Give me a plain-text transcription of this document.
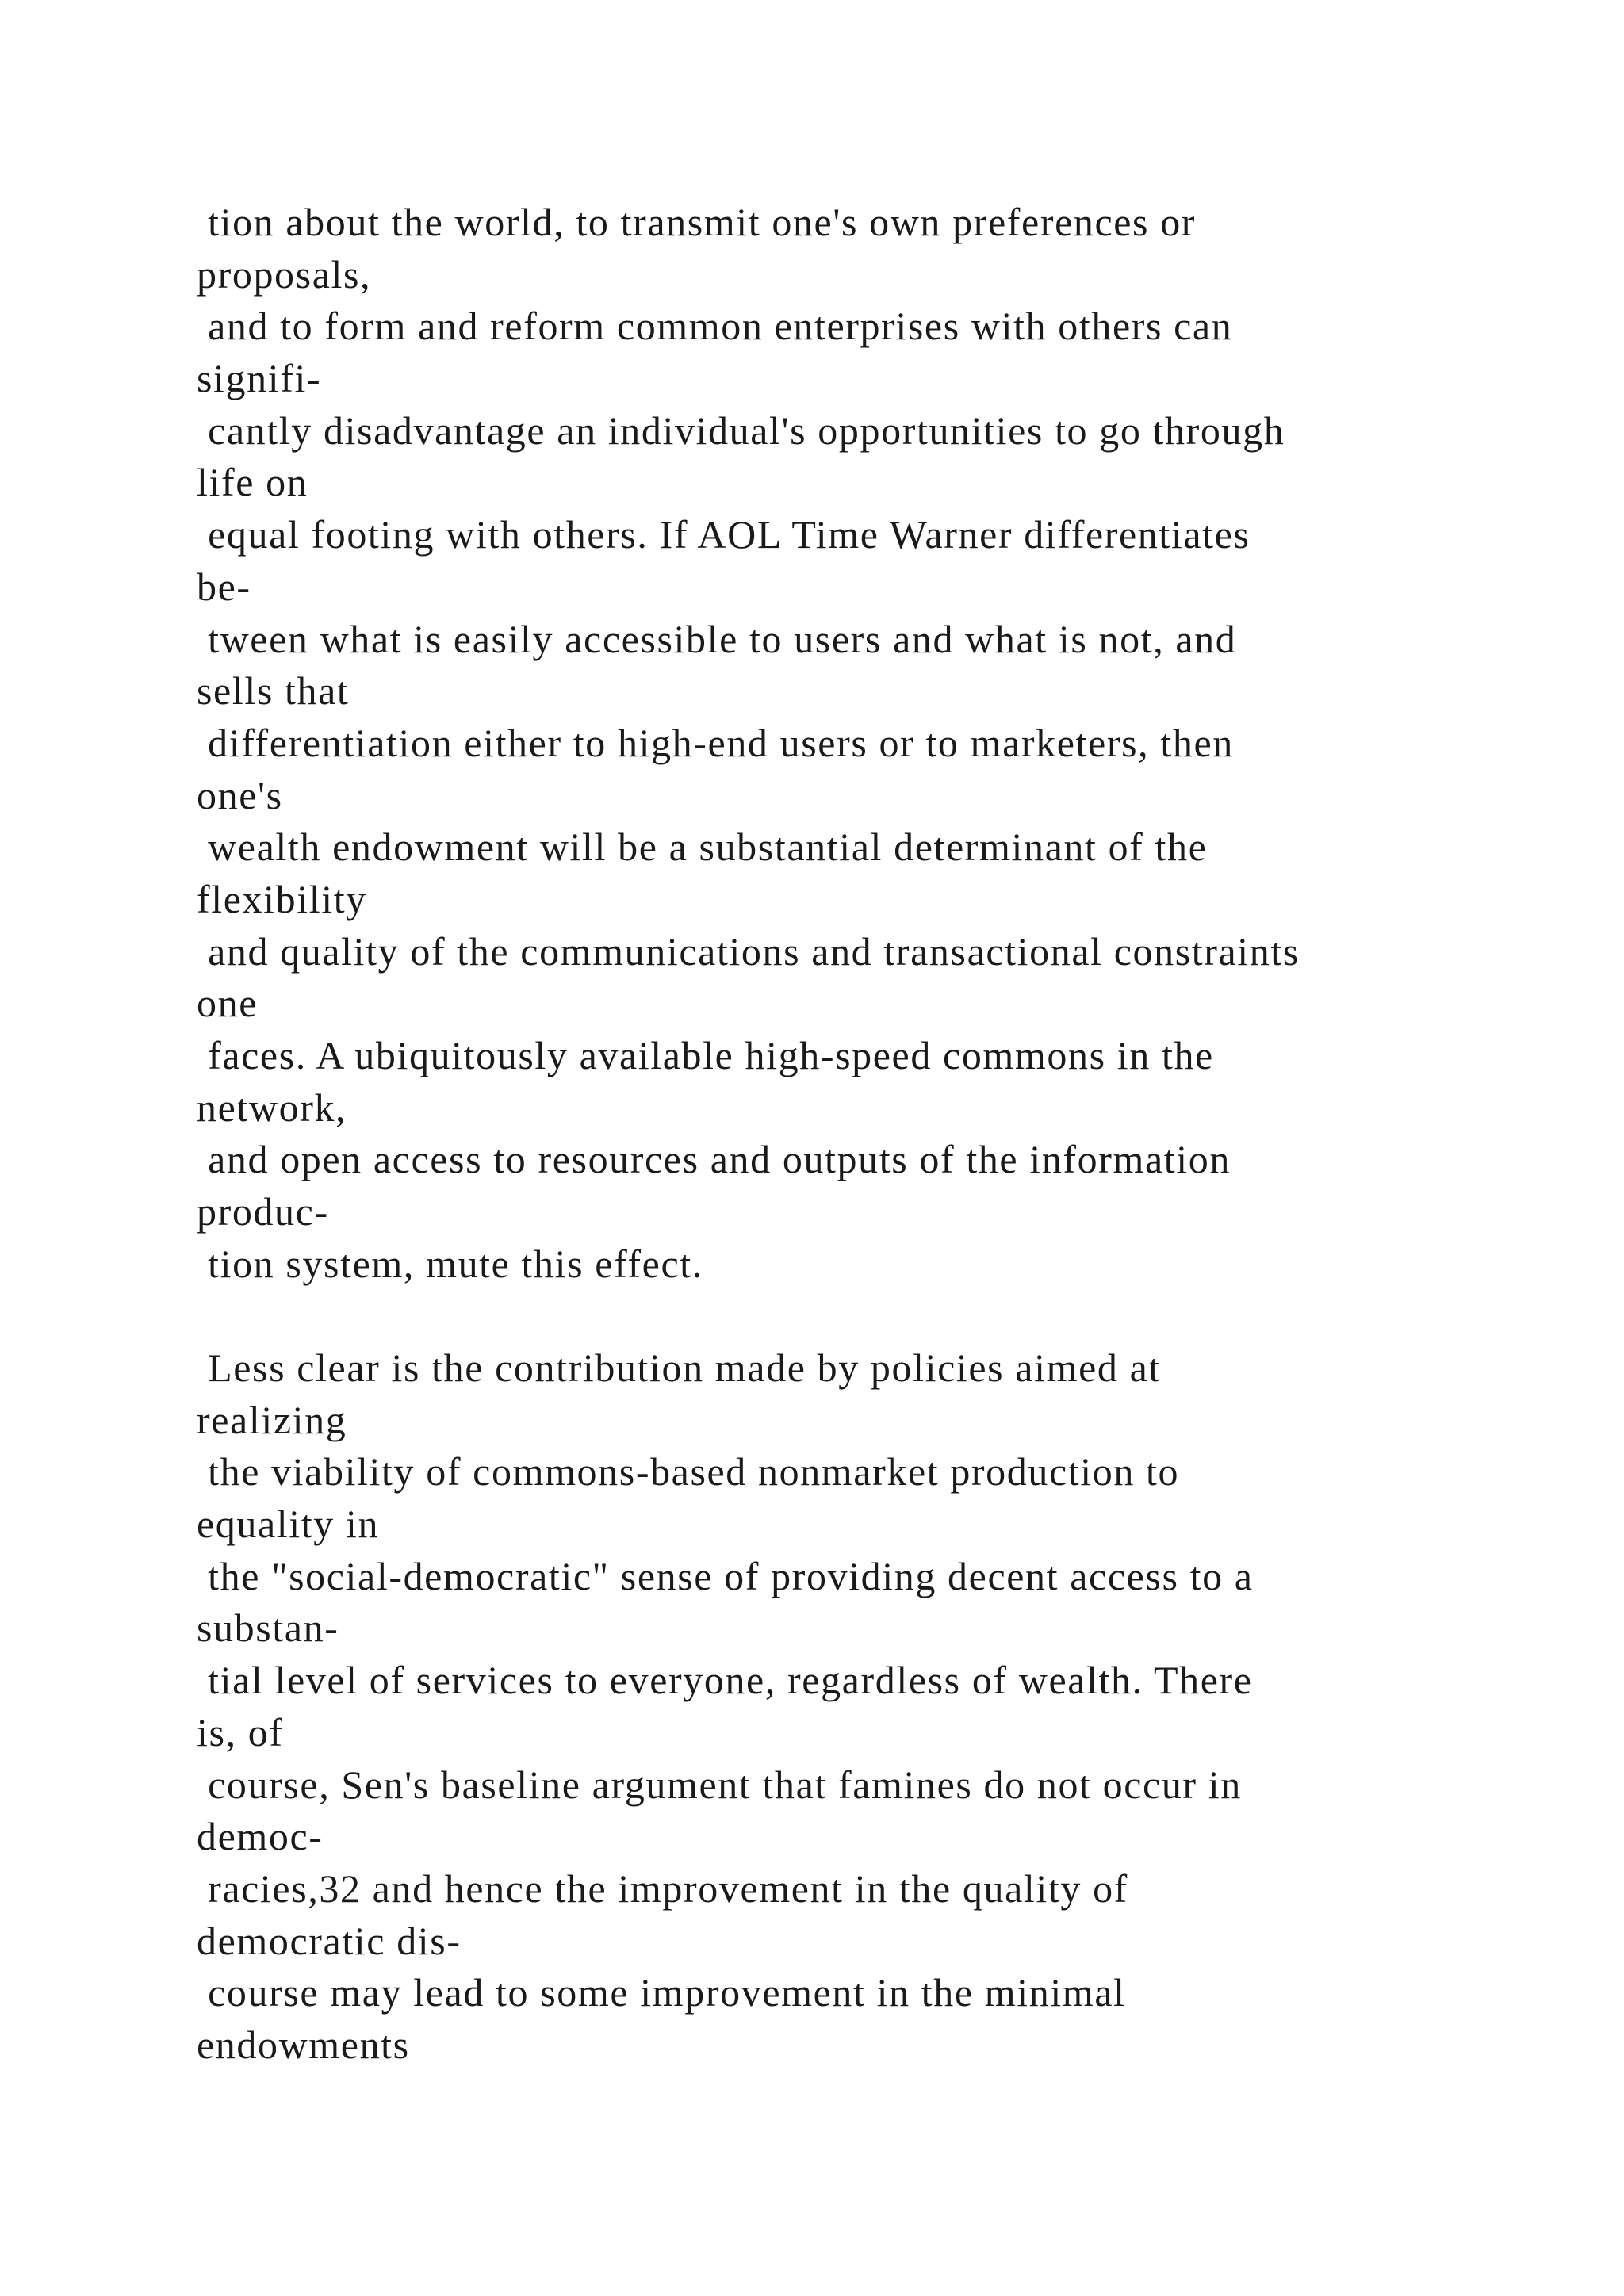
tion about the world, to transmit one's own preferences or
proposals,
and to form and reform common enterprises with others can
signifi-
cantly disadvantage an individual's opportunities to go through
life on
equal footing with others. If AOL Time Warner differentiates
be-
tween what is easily accessible to users and what is not, and
sells that
differentiation either to high-end users or to marketers, then
one's
wealth endowment will be a substantial determinant of the
flexibility
and quality of the communications and transactional constraints
one
faces. A ubiquitously available high-speed commons in the
network,
and open access to resources and outputs of the information
produc-
tion system, mute this effect.
Less clear is the contribution made by policies aimed at
realizing
the viability of commons-based nonmarket production to
equality in
the "social-democratic" sense of providing decent access to a
substan-
tial level of services to everyone, regardless of wealth. There
is, of
course, Sen's baseline argument that famines do not occur in
democ-
racies,32 and hence the improvement in the quality of
democratic dis-
course may lead to some improvement in the minimal
endowments
